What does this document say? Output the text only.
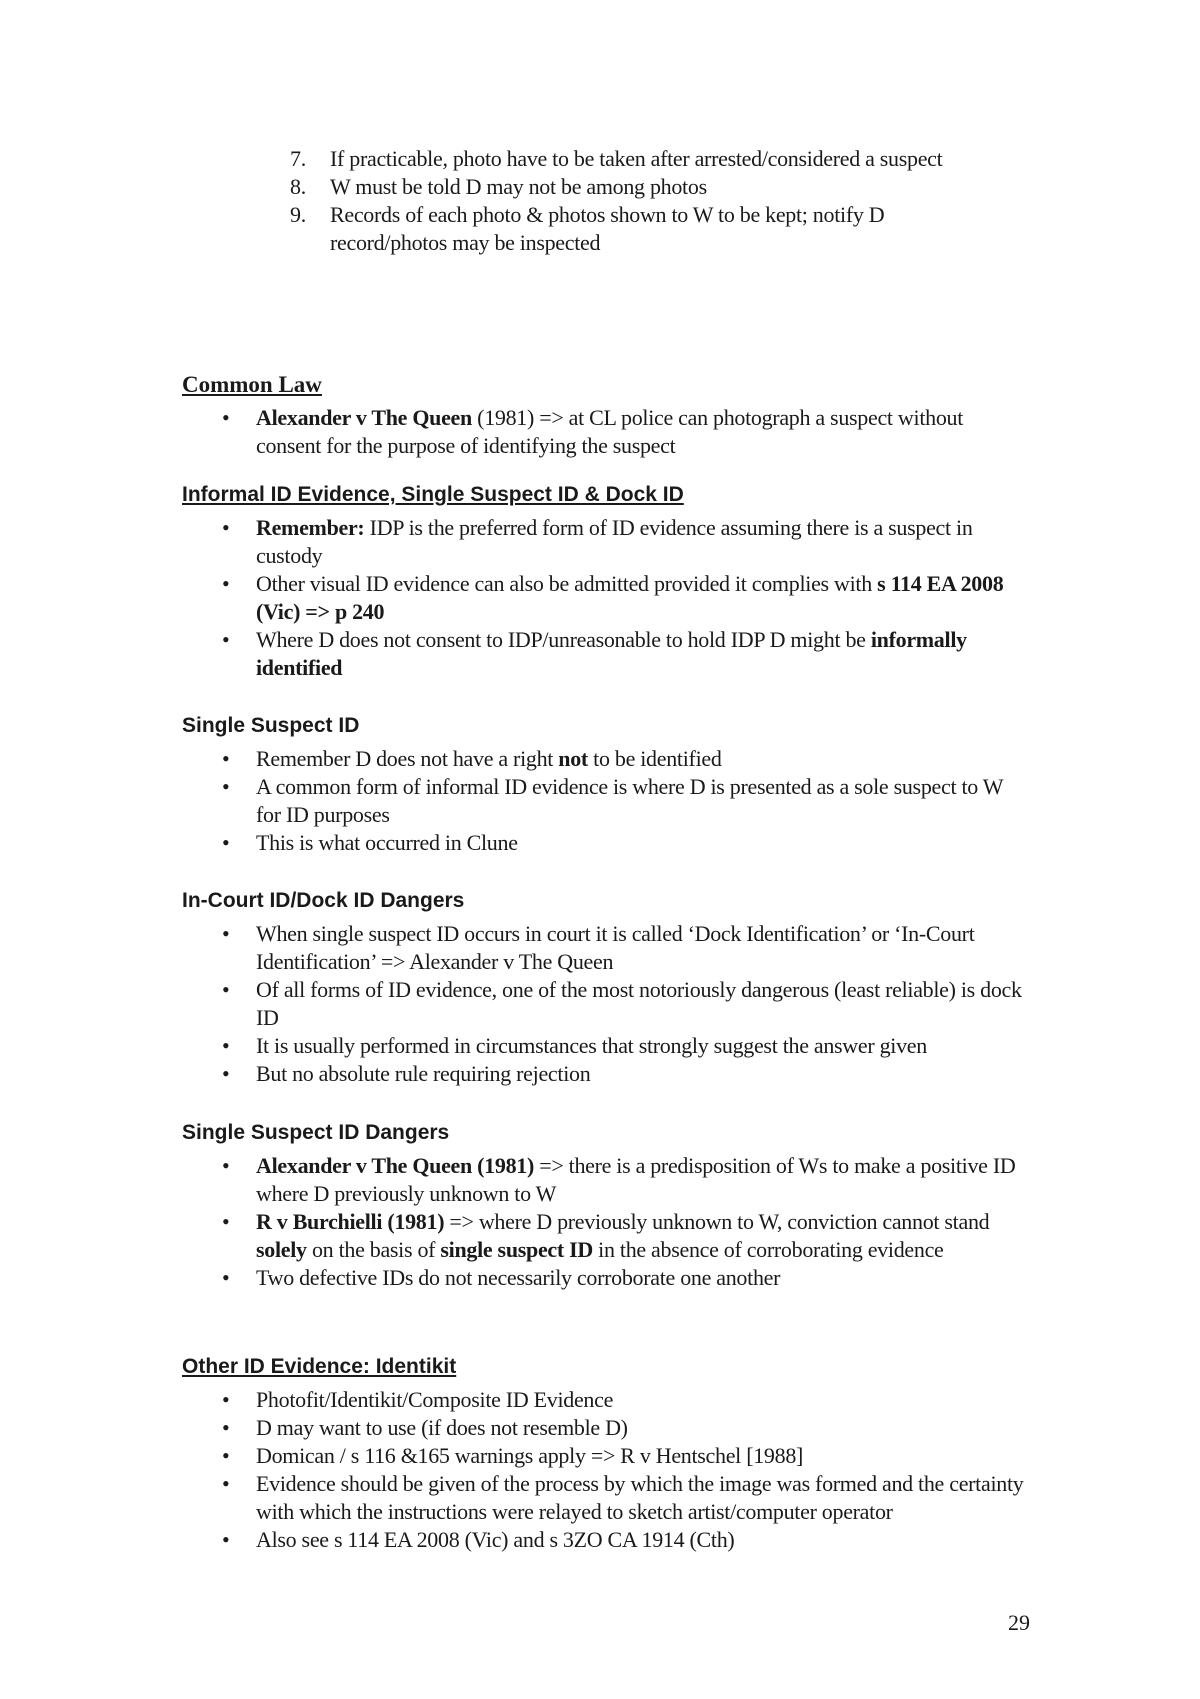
7. If practicable, photo have to be taken after arrested/considered a suspect
8. W must be told D may not be among photos
9. Records of each photo & photos shown to W to be kept; notify D record/photos may be inspected
Common Law
• Alexander v The Queen (1981) => at CL police can photograph a suspect without consent for the purpose of identifying the suspect
Informal ID Evidence, Single Suspect ID & Dock ID
• Remember: IDP is the preferred form of ID evidence assuming there is a suspect in custody
• Other visual ID evidence can also be admitted provided it complies with s 114 EA 2008 (Vic) => p 240
• Where D does not consent to IDP/unreasonable to hold IDP D might be informally identified
Single Suspect ID
• Remember D does not have a right not to be identified
• A common form of informal ID evidence is where D is presented as a sole suspect to W for ID purposes
• This is what occurred in Clune
In-Court ID/Dock ID Dangers
• When single suspect ID occurs in court it is called ‘Dock Identification’ or ‘In-Court Identification’ => Alexander v The Queen
• Of all forms of ID evidence, one of the most notoriously dangerous (least reliable) is dock ID
• It is usually performed in circumstances that strongly suggest the answer given
• But no absolute rule requiring rejection
Single Suspect ID Dangers
• Alexander v The Queen (1981) => there is a predisposition of Ws to make a positive ID where D previously unknown to W
• R v Burchielli (1981) => where D previously unknown to W, conviction cannot stand solely on the basis of single suspect ID in the absence of corroborating evidence
• Two defective IDs do not necessarily corroborate one another
Other ID Evidence: Identikit
• Photofit/Identikit/Composite ID Evidence
• D may want to use (if does not resemble D)
• Domican / s 116 &165 warnings apply => R v Hentschel [1988]
• Evidence should be given of the process by which the image was formed and the certainty with which the instructions were relayed to sketch artist/computer operator
• Also see s 114 EA 2008 (Vic) and s 3ZO CA 1914 (Cth)
29
